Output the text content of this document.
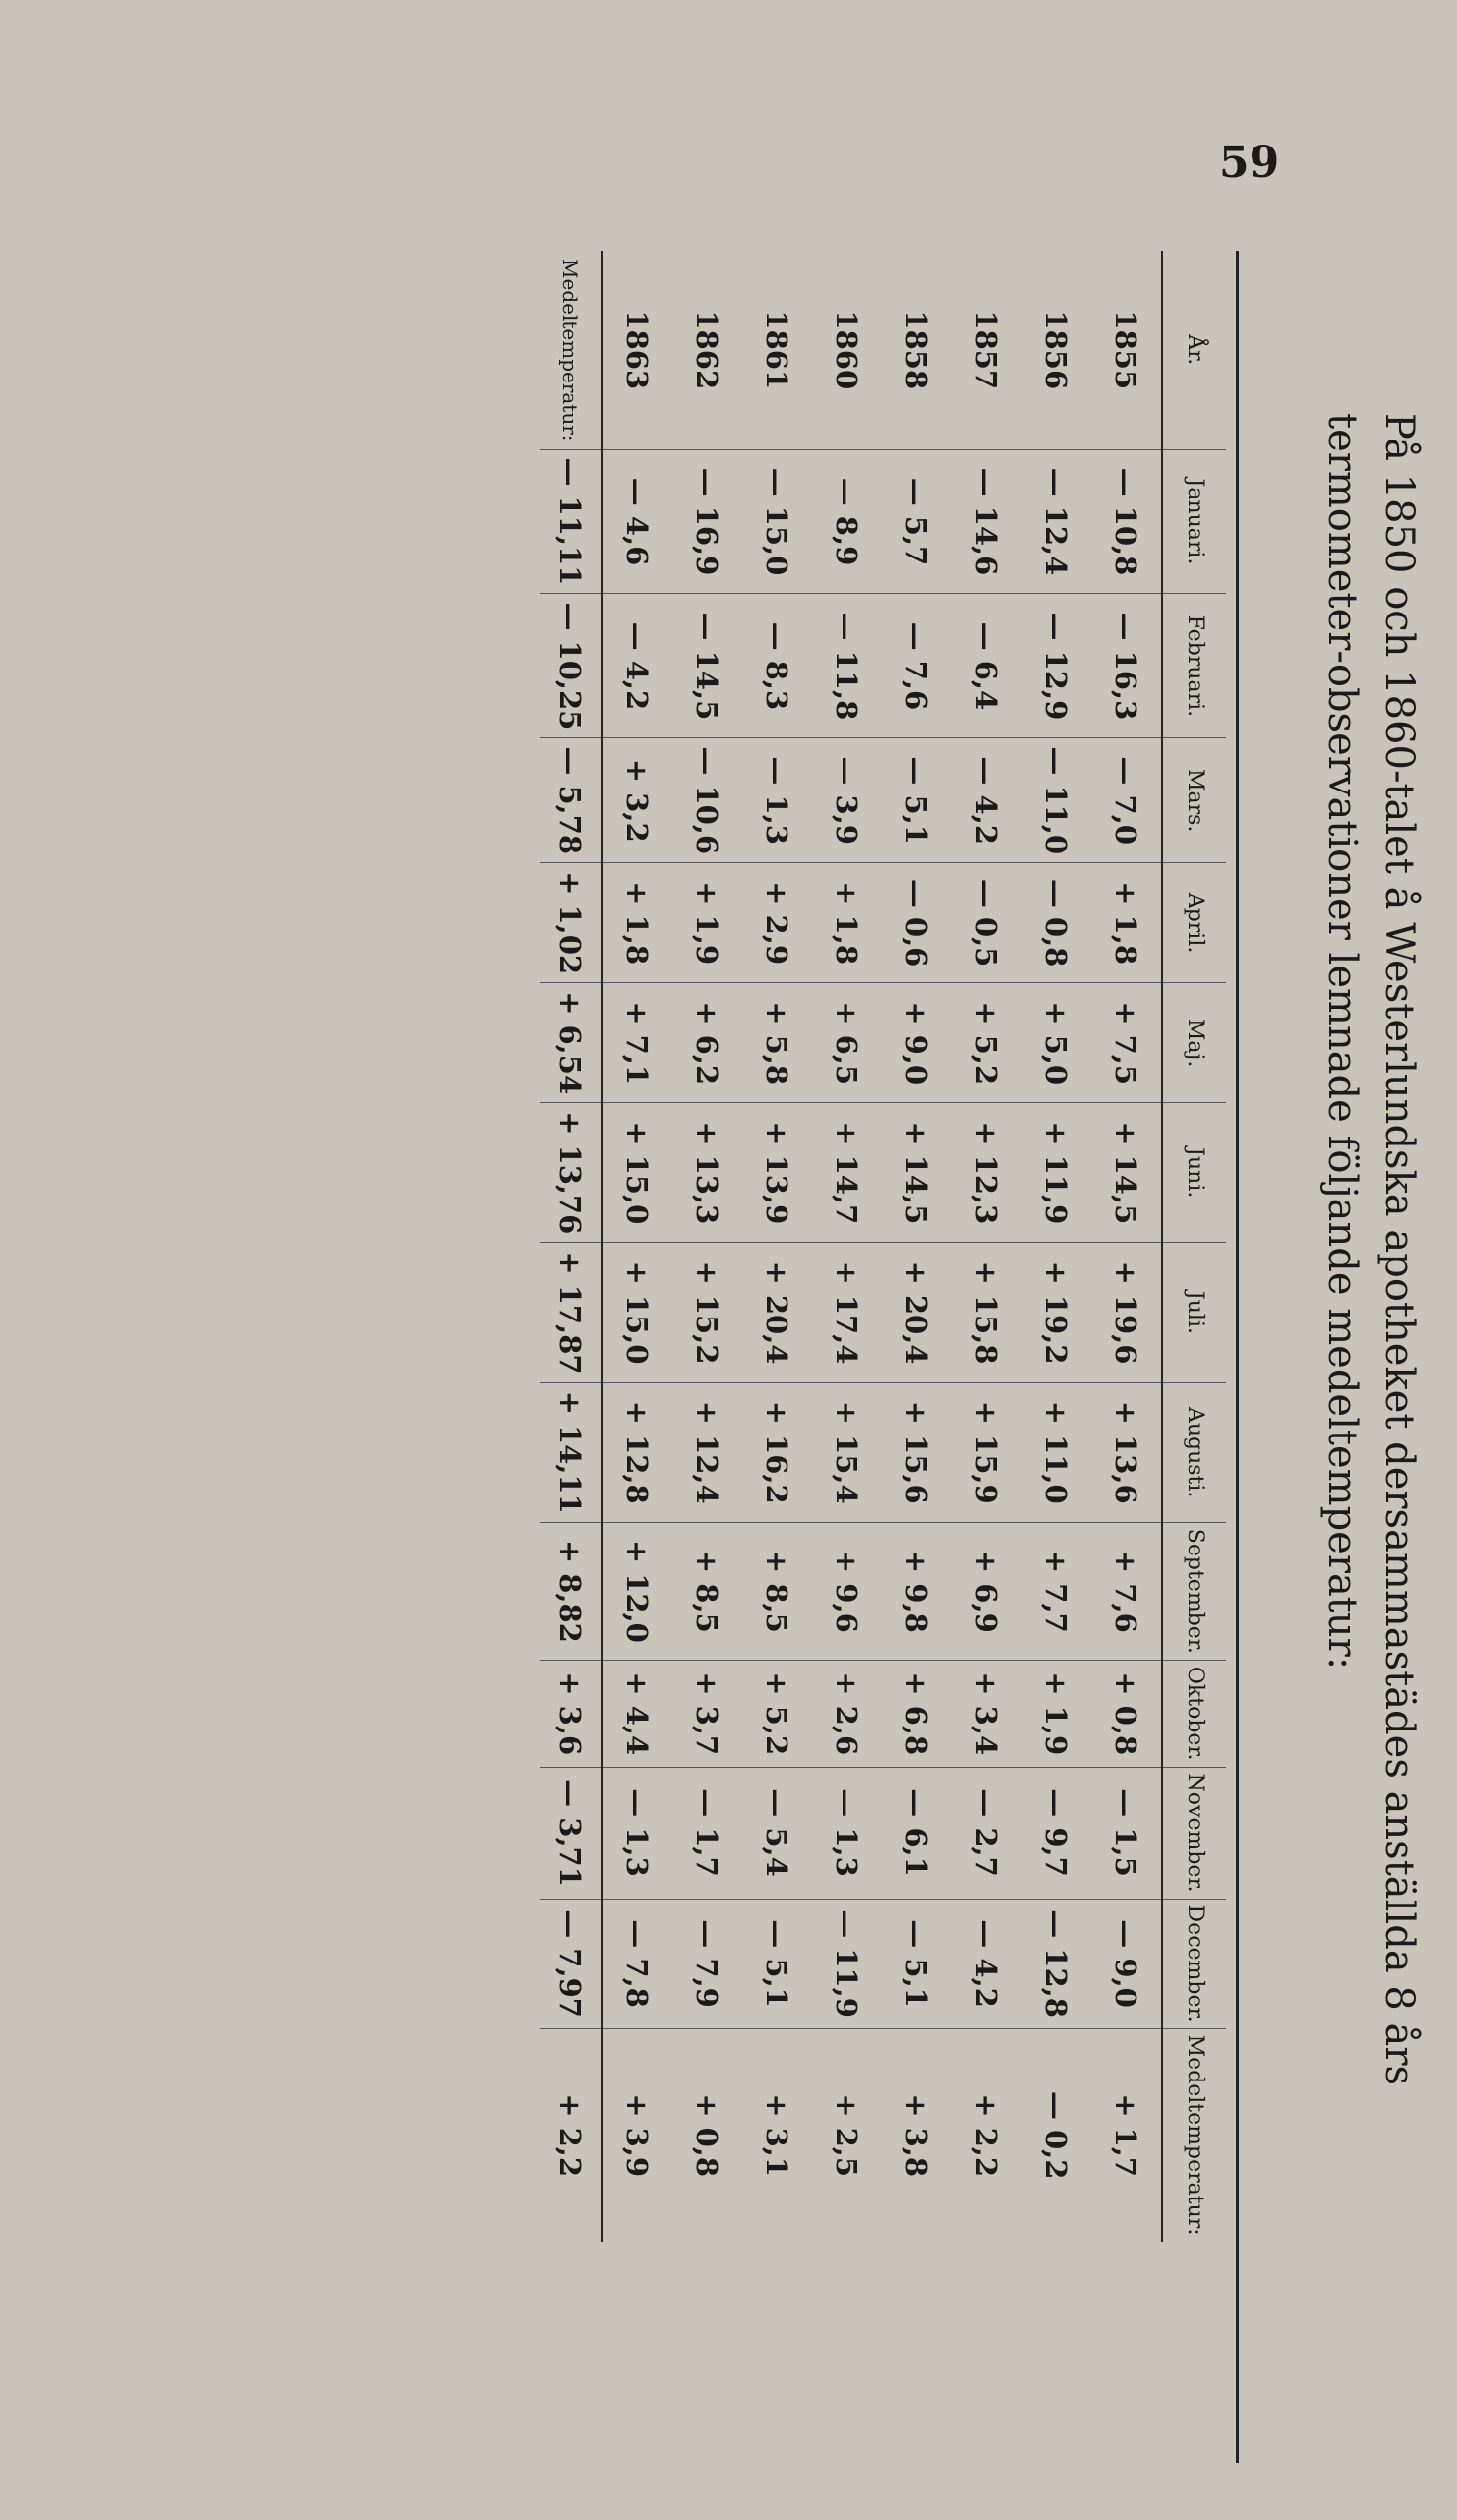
59
På 1850 och 1860-talet å Westerlundska apotheket dersammastädes anställda 8 års termometer-observationer lemnade följande medeltemperatur:
År.	Januari.	Februari.	Mars.	April.	Maj.	Juni.	Juli.	Augusti.	September.	Oktober.	November.	December.	Medeltemperatur:
1855	— 10,8	— 16,3	— 7,0	+ 1,8	+ 7,5	+ 14,5	+ 19,6	+ 13,6	+ 7,6	+ 0,8	— 1,5	— 9,0	+ 1,7
1856	— 12,4	— 12,9	— 11,0	— 0,8	+ 5,0	+ 11,9	+ 19,2	+ 11,0	+ 7,7	+ 1,9	— 9,7	— 12,8	— 0,2
1857	— 14,6	— 6,4	— 4,2	— 0,5	+ 5,2	+ 12,3	+ 15,8	+ 15,9	+ 6,9	+ 3,4	— 2,7	— 4,2	+ 2,2
1858	— 5,7	— 7,6	— 5,1	— 0,6	+ 9,0	+ 14,5	+ 20,4	+ 15,6	+ 9,8	+ 6,8	— 6,1	— 5,1	+ 3,8
1860	— 8,9	— 11,8	— 3,9	+ 1,8	+ 6,5	+ 14,7	+ 17,4	+ 15,4	+ 9,6	+ 2,6	— 1,3	— 11,9	+ 2,5
1861	— 15,0	— 8,3	— 1,3	+ 2,9	+ 5,8	+ 13,9	+ 20,4	+ 16,2	+ 8,5	+ 5,2	— 5,4	— 5,1	+ 3,1
1862	— 16,9	— 14,5	— 10,6	+ 1,9	+ 6,2	+ 13,3	+ 15,2	+ 12,4	+ 8,5	+ 3,7	— 1,7	— 7,9	+ 0,8
1863	— 4,6	— 4,2	+ 3,2	+ 1,8	+ 7,1	+ 15,0	+ 15,0	+ 12,8	+ 12,0	+ 4,4	— 1,3	— 7,8	+ 3,9
Medeltemperatur:	— 11,11	— 10,25	— 5,78	+ 1,02	+ 6,54	+ 13,76	+ 17,87	+ 14,11	+ 8,82	+ 3,6	— 3,71	— 7,97	+ 2,2
